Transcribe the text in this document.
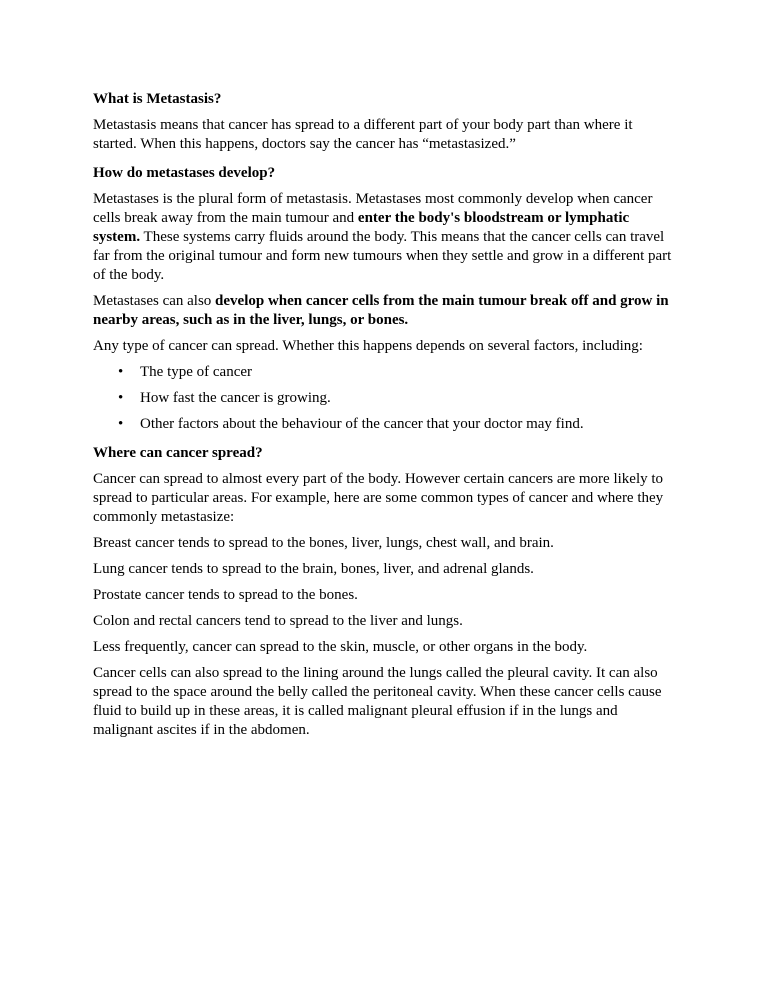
What is Metastasis?

Metastasis means that cancer has spread to a different part of your body part than where it started. When this happens, doctors say the cancer has “metastasized.”

How do metastases develop?

Metastases is the plural form of metastasis. Metastases most commonly develop when cancer cells break away from the main tumour and enter the body's bloodstream or lymphatic system. These systems carry fluids around the body. This means that the cancer cells can travel far from the original tumour and form new tumours when they settle and grow in a different part of the body.

Metastases can also develop when cancer cells from the main tumour break off and grow in nearby areas, such as in the liver, lungs, or bones.

Any type of cancer can spread. Whether this happens depends on several factors, including:

• The type of cancer
• How fast the cancer is growing.
• Other factors about the behaviour of the cancer that your doctor may find.
Where can cancer spread?

Cancer can spread to almost every part of the body. However certain cancers are more likely to spread to particular areas. For example, here are some common types of cancer and where they commonly metastasize:

Breast cancer tends to spread to the bones, liver, lungs, chest wall, and brain.

Lung cancer tends to spread to the brain, bones, liver, and adrenal glands.

Prostate cancer tends to spread to the bones.

Colon and rectal cancers tend to spread to the liver and lungs.

Less frequently, cancer can spread to the skin, muscle, or other organs in the body.

Cancer cells can also spread to the lining around the lungs called the pleural cavity. It can also spread to the space around the belly called the peritoneal cavity. When these cancer cells cause fluid to build up in these areas, it is called malignant pleural effusion if in the lungs and malignant ascites if in the abdomen.
